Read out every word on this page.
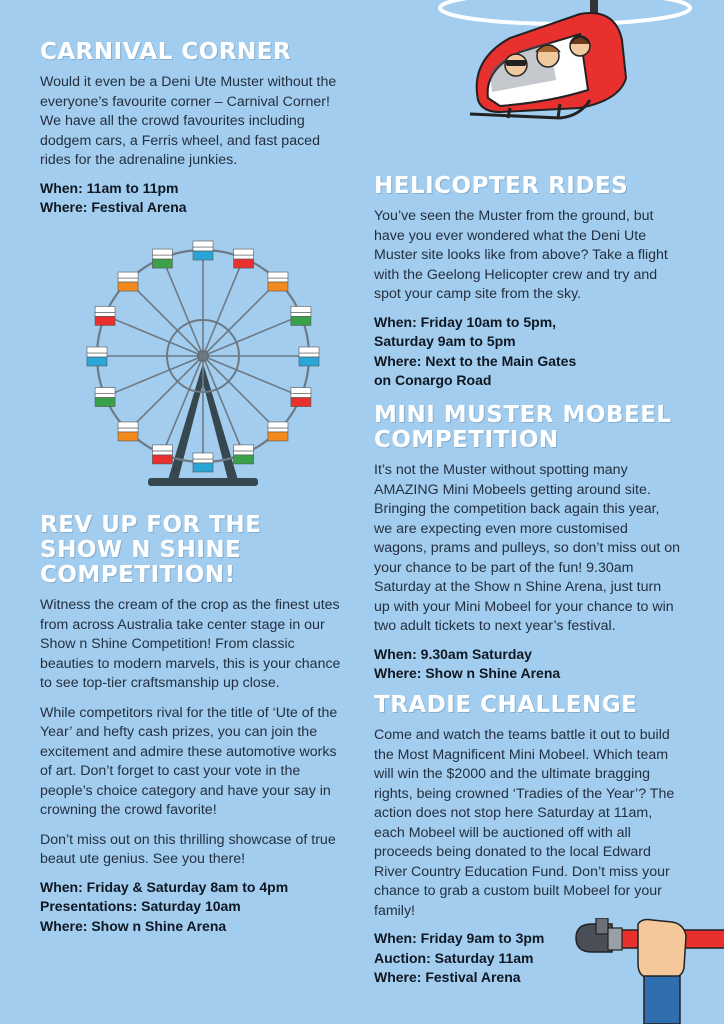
CARNIVAL CORNER

Would it even be a Deni Ute Muster without the everyone’s favourite corner – Carnival Corner! We have all the crowd favourites including dodgem cars, a Ferris wheel, and fast paced rides for the adrenaline junkies.

When: 11am to 11pm

Where: Festival Arena

REV UP FOR THE
SHOW N SHINE
COMPETITION!

Witness the cream of the crop as the finest utes from across Australia take center stage in our Show n Shine Competition! From classic beauties to modern marvels, this is your chance to see top-tier craftsmanship up close.

While competitors rival for the title of ‘Ute of the Year’ and hefty cash prizes, you can join the excitement and admire these automotive works of art. Don’t forget to cast your vote in the people’s choice category and have your say in crowning the crowd favorite!

Don’t miss out on this thrilling showcase of true beaut ute genius. See you there!

When: Friday & Saturday 8am to 4pm

Presentations: Saturday 10am

Where: Show n Shine Arena

HELICOPTER RIDES

You’ve seen the Muster from the ground, but have you ever wondered what the Deni Ute Muster site looks like from above? Take a flight with the Geelong Helicopter crew and try and spot your camp site from the sky.

When: Friday 10am to 5pm,

Saturday 9am to 5pm

Where: Next to the Main Gates

on Conargo Road

MINI MUSTER MOBEEL
COMPETITION

It’s not the Muster without spotting many AMAZING Mini Mobeels getting around site. Bringing the competition back again this year, we are expecting even more customised wagons, prams and pulleys, so don’t miss out on your chance to be part of the fun! 9.30am Saturday at the Show n Shine Arena, just turn up with your Mini Mobeel for your chance to win two adult tickets to next year’s festival.

When: 9.30am Saturday

Where: Show n Shine Arena

TRADIE CHALLENGE

Come and watch the teams battle it out to build the Most Magnificent Mini Mobeel. Which team will win the $2000 and the ultimate bragging rights, being crowned ‘Tradies of the Year’? The action does not stop here Saturday at 11am, each Mobeel will be auctioned off with all proceeds being donated to the local Edward River Country Education Fund. Don’t miss your chance to grab a custom built Mobeel for your family!

When: Friday 9am to 3pm

Auction: Saturday 11am

Where: Festival Arena
